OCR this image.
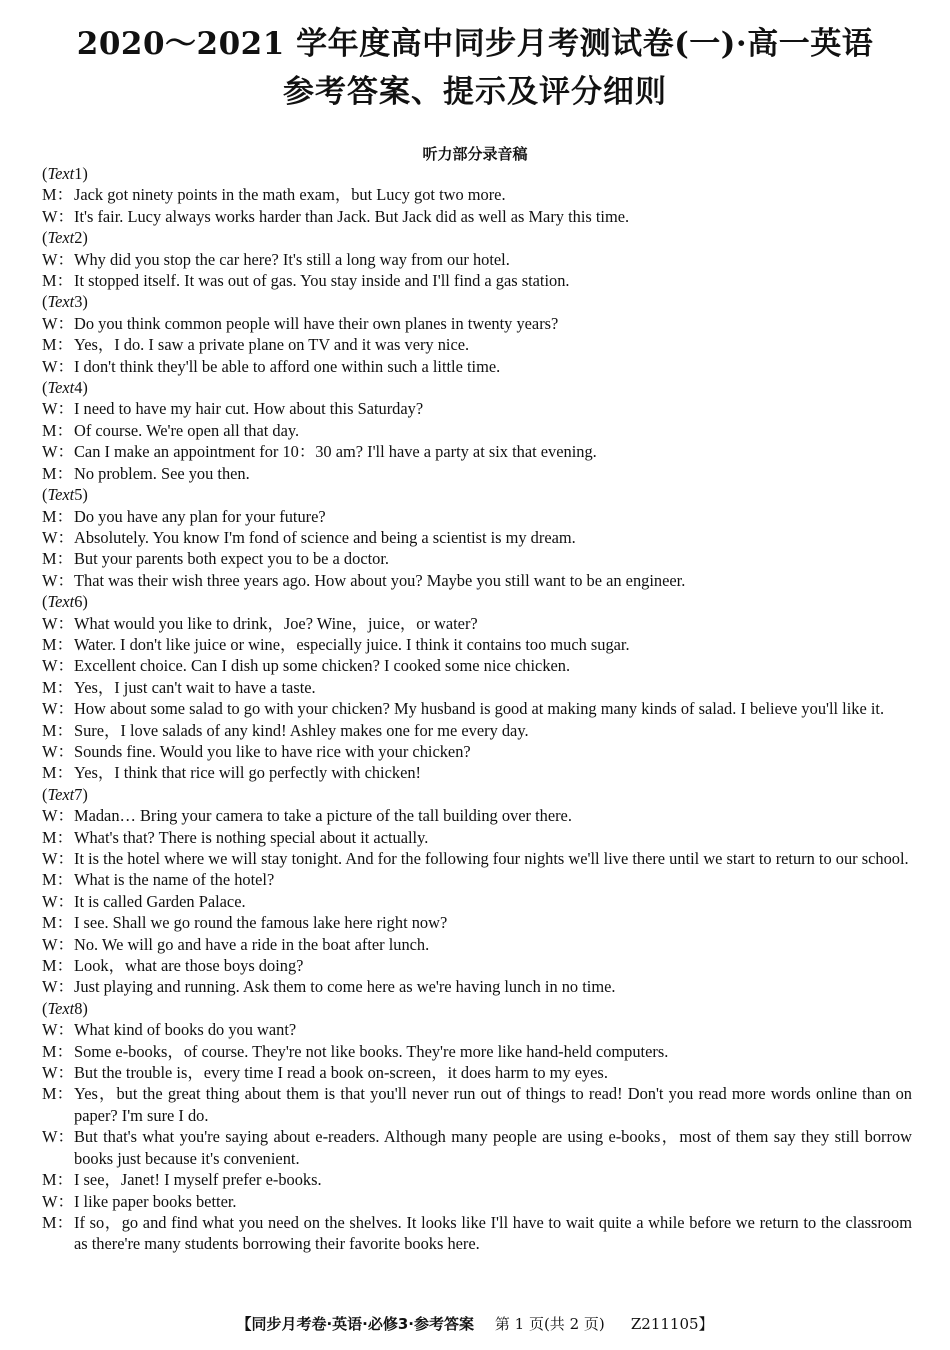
2020～2021 学年度高中同步月考测试卷(一)·高一英语
参考答案、提示及评分细则
听力部分录音稿
( Text 1)
M： Jack got ninety points in the math exam，but Lucy got two more.
W： It's fair. Lucy always works harder than Jack. But Jack did as well as Mary this time.
( Text 2)
W： Why did you stop the car here? It's still a long way from our hotel.
M： It stopped itself. It was out of gas. You stay inside and I'll find a gas station.
( Text 3)
W： Do you think common people will have their own planes in twenty years?
M： Yes，I do. I saw a private plane on TV and it was very nice.
W： I don't think they'll be able to afford one within such a little time.
( Text 4)
W： I need to have my hair cut. How about this Saturday?
M： Of course. We're open all that day.
W： Can I make an appointment for 10：30 am? I'll have a party at six that evening.
M： No problem. See you then.
( Text 5)
M： Do you have any plan for your future?
W： Absolutely. You know I'm fond of science and being a scientist is my dream.
M： But your parents both expect you to be a doctor.
W： That was their wish three years ago. How about you? Maybe you still want to be an engineer.
( Text 6)
W： What would you like to drink，Joe? Wine，juice，or water?
M： Water. I don't like juice or wine，especially juice. I think it contains too much sugar.
W： Excellent choice. Can I dish up some chicken? I cooked some nice chicken.
M： Yes，I just can't wait to have a taste.
W： How about some salad to go with your chicken? My husband is good at making many kinds of salad. I believe you'll like it.
M： Sure，I love salads of any kind! Ashley makes one for me every day.
W： Sounds fine. Would you like to have rice with your chicken?
M： Yes，I think that rice will go perfectly with chicken!
( Text 7)
W： Madan… Bring your camera to take a picture of the tall building over there.
M： What's that? There is nothing special about it actually.
W： It is the hotel where we will stay tonight. And for the following four nights we'll live there until we start to return to our school.
M： What is the name of the hotel?
W： It is called Garden Palace.
M： I see. Shall we go round the famous lake here right now?
W： No. We will go and have a ride in the boat after lunch.
M： Look，what are those boys doing?
W： Just playing and running. Ask them to come here as we're having lunch in no time.
( Text 8)
W： What kind of books do you want?
M： Some e-books，of course. They're not like books. They're more like hand-held computers.
W： But the trouble is，every time I read a book on-screen，it does harm to my eyes.
M： Yes，but the great thing about them is that you'll never run out of things to read! Don't you read more words online than on paper? I'm sure I do.
W： But that's what you're saying about e-readers. Although many people are using e-books，most of them say they still borrow books just because it's convenient.
M： I see，Janet! I myself prefer e-books.
W： I like paper books better.
M： If so，go and find what you need on the shelves. It looks like I'll have to wait quite a while before we return to the classroom as there're many students borrowing their favorite books here.
【同步月考卷·英语·必修3·参考答案 第 1 页(共 2 页) Z211105】
